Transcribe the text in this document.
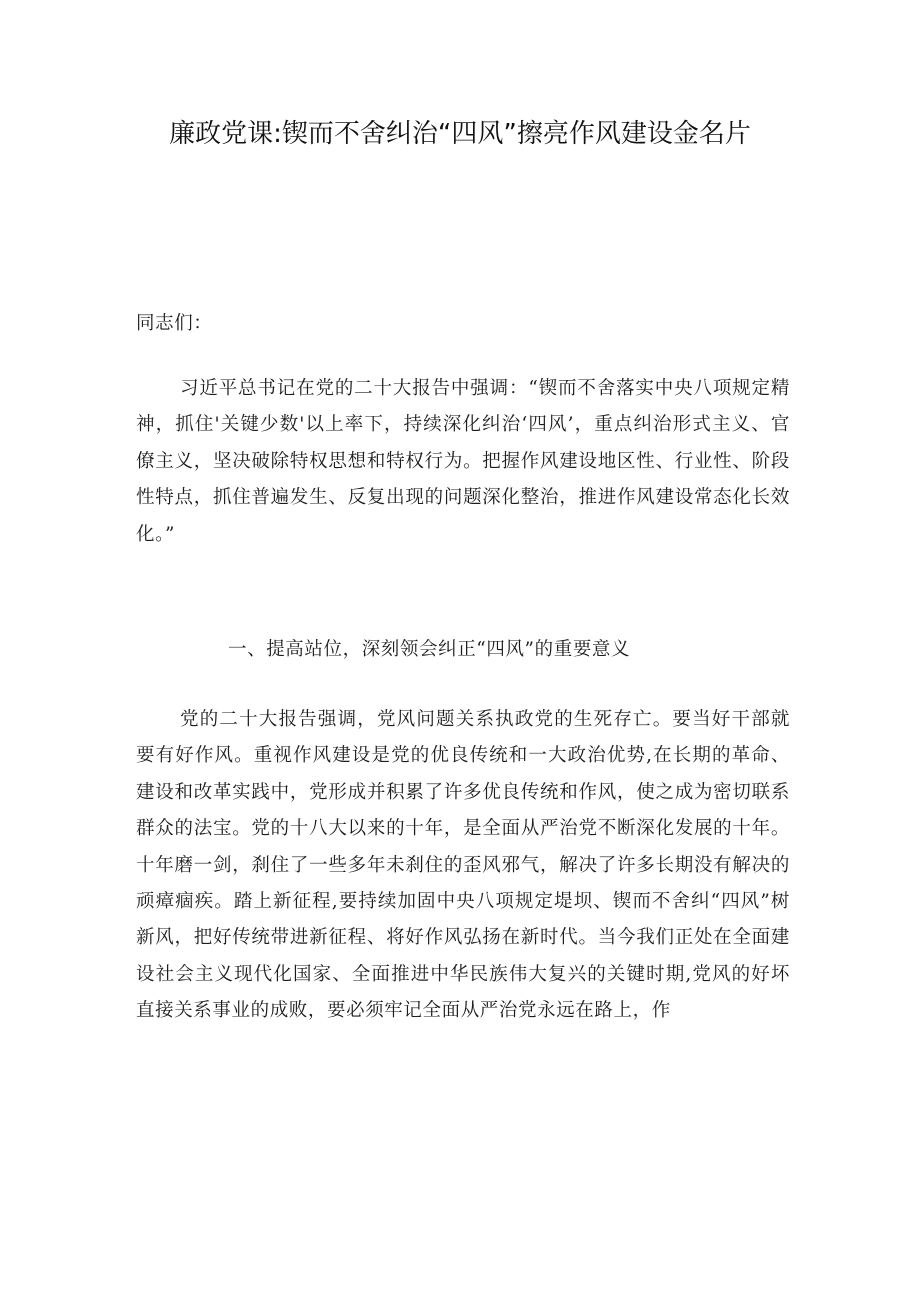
廉政党课:锲而不舍纠治“四风”擦亮作风建设金名片
同志们：
习近平总书记在党的二十大报告中强调：“锲而不舍落实中央八项规定精神，抓住'关键少数'以上率下，持续深化纠治‘四风’，重点纠治形式主义、官僚主义，坚决破除特权思想和特权行为。把握作风建设地区性、行业性、阶段性特点，抓住普遍发生、反复出现的问题深化整治，推进作风建设常态化长效化。”
一、提高站位，深刻领会纠正“四风”的重要意义
党的二十大报告强调，党风问题关系执政党的生死存亡。要当好干部就要有好作风。重视作风建设是党的优良传统和一大政治优势,在长期的革命、建设和改革实践中，党形成并积累了许多优良传统和作风，使之成为密切联系群众的法宝。党的十八大以来的十年，是全面从严治党不断深化发展的十年。十年磨一剑，刹住了一些多年未刹住的歪风邪气，解决了许多长期没有解决的顽瘴痼疾。踏上新征程,要持续加固中央八项规定堤坝、锲而不舍纠“四风”树新风，把好传统带进新征程、将好作风弘扬在新时代。当今我们正处在全面建设社会主义现代化国家、全面推进中华民族伟大复兴的关键时期,党风的好坏直接关系事业的成败，要必须牢记全面从严治党永远在路上，作
